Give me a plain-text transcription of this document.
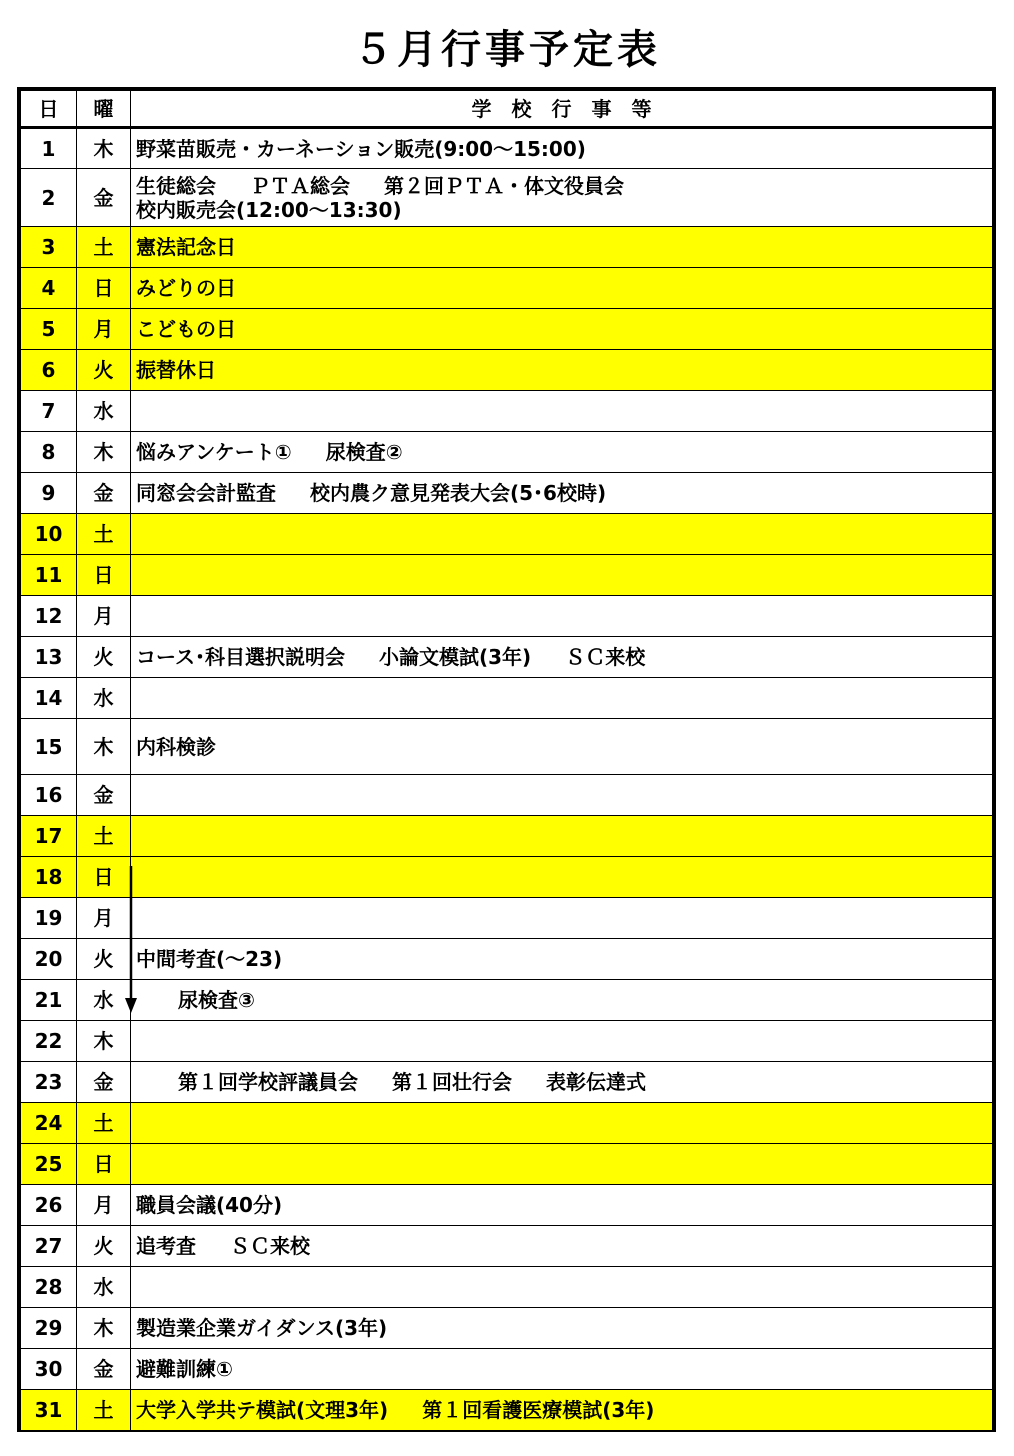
５月行事予定表
日	曜	学　校　行　事　等
1	木	野菜苗販売・カーネーション販売(9:00～15:00)

2	金	生徒総会 ＰＴＡ総会 第２回ＰＴＡ・体文役員会
校内販売会(12:00～13:30)

3	土	憲法記念日

4	日	みどりの日

5	月	こどもの日

6	火	振替休日

7	水	

8	木	悩みアンケート① 尿検査②

9	金	同窓会会計監査 校内農ク意見発表大会(5･6校時)

10	土	

11	日	

12	月	

13	火	コース･科目選択説明会 小論文模試(3年) ＳＣ来校

14	水	

15	木	内科検診

16	金	

17	土	

18	日	

19	月	

20	火	中間考査(～23)

21	水	尿検査③

22	木	

23	金	第１回学校評議員会 第１回壮行会 表彰伝達式

24	土	

25	日	

26	月	職員会議(40分)

27	火	追考査 ＳＣ来校

28	水	

29	木	製造業企業ガイダンス(3年)

30	金	避難訓練①

31	土	大学入学共テ模試(文理3年) 第１回看護医療模試(3年)
